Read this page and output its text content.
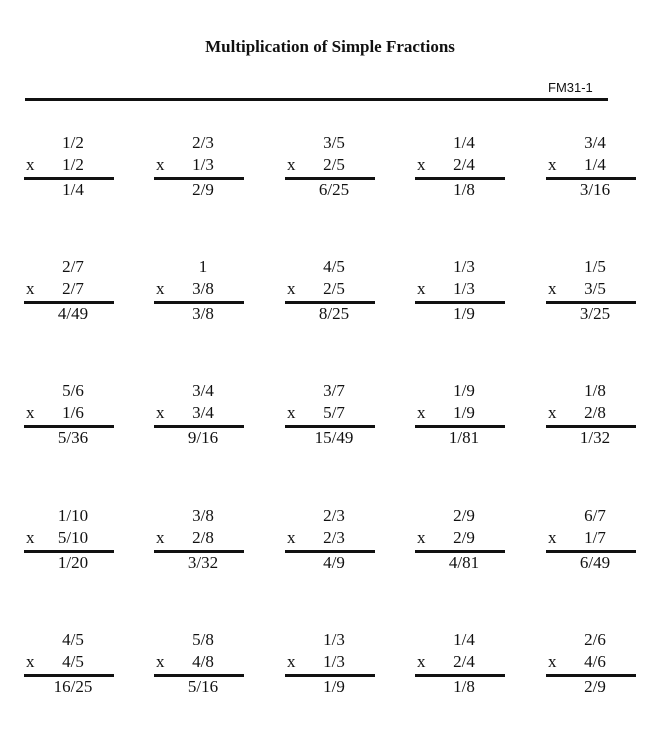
Multiplication of Simple Fractions
FM31-1
1/2
x	1/2
1/4
2/3
x	1/3
2/9
3/5
x	2/5
6/25
1/4
x	2/4
1/8
3/4
x	1/4
3/16
2/7
x	2/7
4/49
1
x	3/8
3/8
4/5
x	2/5
8/25
1/3
x	1/3
1/9
1/5
x	3/5
3/25
5/6
x	1/6
5/36
3/4
x	3/4
9/16
3/7
x	5/7
15/49
1/9
x	1/9
1/81
1/8
x	2/8
1/32
1/10
x	5/10
1/20
3/8
x	2/8
3/32
2/3
x	2/3
4/9
2/9
x	2/9
4/81
6/7
x	1/7
6/49
4/5
x	4/5
16/25
5/8
x	4/8
5/16
1/3
x	1/3
1/9
1/4
x	2/4
1/8
2/6
x	4/6
2/9
